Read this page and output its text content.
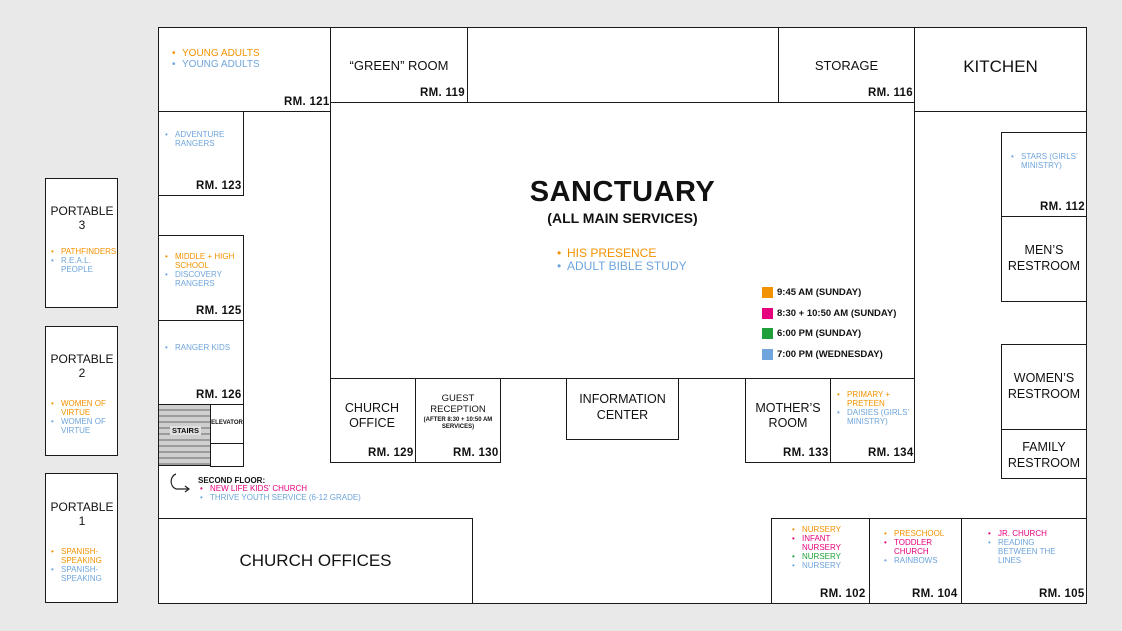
• YOUNG ADULTS
• YOUNG ADULTS
RM. 121
“GREEN” ROOM
RM. 119
STORAGE
RM. 116
KITCHEN
SANCTUARY
(ALL MAIN SERVICES)
• HIS PRESENCE
• ADULT BIBLE STUDY
9:45 AM (SUNDAY)
8:30 + 10:50 AM (SUNDAY)
6:00 PM (SUNDAY)
7:00 PM (WEDNESDAY)
• ADVENTURE RANGERS
RM. 123
• MIDDLE + HIGH SCHOOL
• DISCOVERY RANGERS
RM. 125
• RANGER KIDS
RM. 126
STAIRS
ELEVATOR
SECOND FLOOR:
• NEW LIFE KIDS’ CHURCH
• THRIVE YOUTH SERVICE (6-12 GRADE)
CHURCH OFFICE
RM. 129
GUEST RECEPTION
(AFTER 8:30 + 10:50 AM SERVICES)
RM. 130
INFORMATION CENTER	MOTHER’S ROOM
RM. 133
• PRIMARY + PRETEEN
• DAISIES (GIRLS’ MINISTRY)
RM. 134
• STARS (GIRLS’ MINISTRY)
RM. 112
MEN’S RESTROOM
WOMEN’S RESTROOM
FAMILY RESTROOM
CHURCH OFFICES
• NURSERY
• INFANT NURSERY
• NURSERY
• NURSERY
RM. 102
• PRESCHOOL
• TODDLER CHURCH
• RAINBOWS
RM. 104
• JR. CHURCH
• READING BETWEEN THE LINES
RM. 105
PORTABLE 3
• PATHFINDERS
• R.E.A.L. PEOPLE
PORTABLE 2
• WOMEN OF VIRTUE
• WOMEN OF VIRTUE
PORTABLE 1
• SPANISH-SPEAKING
• SPANISH-SPEAKING
